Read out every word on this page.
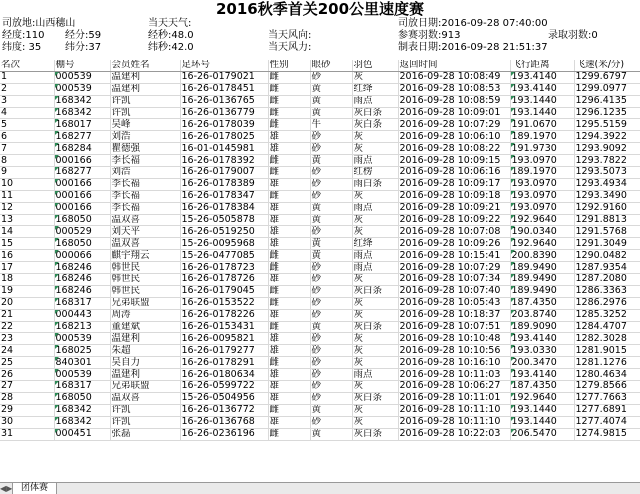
2016秋季首关200公里速度赛
司放地:山西穗山	当天天气:	司放日期:2016-09-28 07:40:00
经度:110 经分:59	经秒:48.0	当天风向:	参赛羽数:913	录取羽数:0
纬度: 35 纬分:37	纬秒:42.0	当天风力:	制表日期:2016-09-28 21:51:37
名次	棚号	会员姓名	足环号	性别	眼砂	羽色	返回时间	飞行距离	飞速(米/分)
1	000539	温建利	16-26-0179021	雌	砂	灰	2016-09-28 10:08:49	193.4140	1299.6797
2	000539	温建利	16-26-0178451	雌	黄	红绛	2016-09-28 10:08:53	193.4140	1299.0977
3	168342	许凯	16-26-0136765	雌	黄	雨点	2016-09-28 10:08:59	193.1440	1296.4135
4	168342	许凯	16-26-0136779	雌	黄	灰白条	2016-09-28 10:09:01	193.1440	1296.1235
5	168017	吴峰	16-26-0178039	雌	牛	灰白条	2016-09-28 10:07:29	191.0670	1295.5159
6	168277	刘浩	16-26-0178025	雄	砂	灰	2016-09-28 10:06:10	189.1970	1294.3922
7	168284	瞿德强	16-01-0145981	雄	砂	灰	2016-09-28 10:08:22	191.9730	1293.9092
8	000166	李长福	16-26-0178392	雌	黄	雨点	2016-09-28 10:09:15	193.0970	1293.7822
9	168277	刘浩	16-26-0179007	雌	砂	红楞	2016-09-28 10:06:16	189.1970	1293.5073
10	000166	李长福	16-26-0178389	雄	砂	雨白条	2016-09-28 10:09:17	193.0970	1293.4934
11	000166	李长福	16-26-0178347	雌	砂	灰	2016-09-28 10:09:18	193.0970	1293.3490
12	000166	李长福	16-26-0178384	雄	黄	雨点	2016-09-28 10:09:21	193.0970	1292.9160
13	168050	温双喜	15-26-0505878	雄	黄	灰	2016-09-28 10:09:22	192.9640	1291.8813
14	000529	刘天平	16-26-0519250	雄	砂	灰	2016-09-28 10:07:08	190.0340	1291.5768
15	168050	温双喜	15-26-0095968	雄	黄	红绛	2016-09-28 10:09:26	192.9640	1291.3049
16	000066	麒宇翔云	15-26-0477085	雌	黄	雨点	2016-09-28 10:15:41	200.8390	1290.0482
17	168246	韩世民	16-26-0178723	雌	砂	雨点	2016-09-28 10:07:29	189.9490	1287.9354
18	168246	韩世民	16-26-0178726	雄	砂	灰	2016-09-28 10:07:34	189.9490	1287.2080
19	168246	韩世民	16-26-0179045	雌	砂	灰白条	2016-09-28 10:07:40	189.9490	1286.3363
20	168317	兄弟联盟	16-26-0153522	雌	砂	灰	2016-09-28 10:05:43	187.4350	1286.2976
21	000443	周涛	16-26-0178226	雄	砂	灰	2016-09-28 10:18:37	203.8740	1285.3252
22	168213	董建斌	16-26-0153431	雌	黄	灰白条	2016-09-28 10:07:51	189.9090	1284.4707
23	000539	温建利	16-26-0095821	雄	砂	灰	2016-09-28 10:10:48	193.4140	1282.3028
24	168025	朱超	16-26-0179277	雄	砂	灰	2016-09-28 10:10:56	193.0330	1281.9015
25	840301	吴自力	16-26-0178291	雌	砂	灰	2016-09-28 10:16:10	200.3470	1281.1276
26	000539	温建利	16-26-0180634	雄	砂	雨点	2016-09-28 10:11:03	193.4140	1280.4634
27	168317	兄弟联盟	16-26-0599722	雄	砂	灰	2016-09-28 10:06:27	187.4350	1279.8566
28	168050	温双喜	15-26-0504956	雄	砂	灰白条	2016-09-28 10:11:01	192.9640	1277.7663
29	168342	许凯	16-26-0136772	雌	黄	灰	2016-09-28 10:11:10	193.1440	1277.6891
30	168342	许凯	16-26-0136768	雄	砂	灰	2016-09-28 10:11:10	193.1440	1277.4074
31	000451	张磊	16-26-0236196	雌	黄	灰白条	2016-09-28 10:22:03	206.5470	1274.9815
◀▶ 团体赛
